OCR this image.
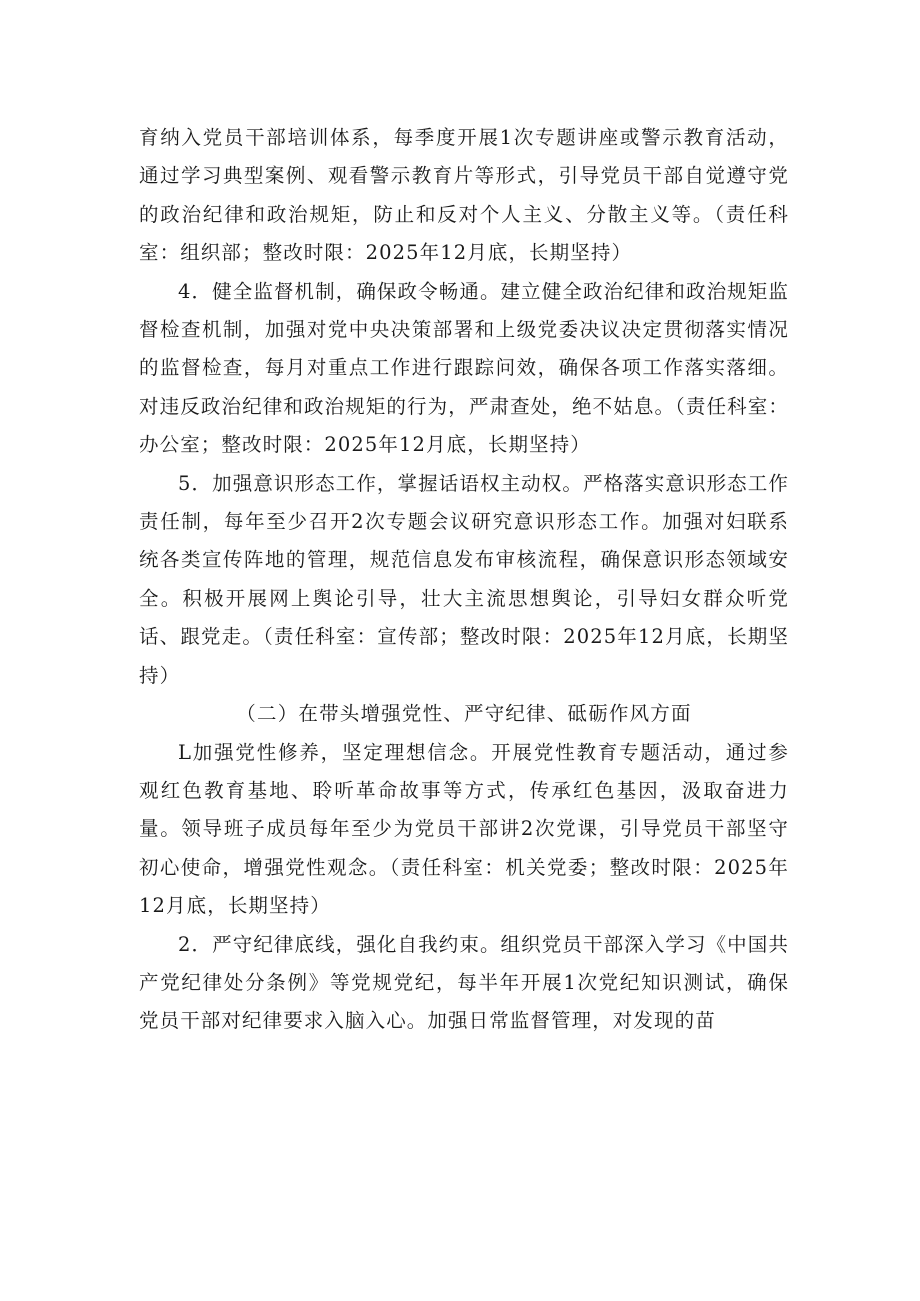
育纳入党员干部培训体系，每季度开展1次专题讲座或警示教育活动，通过学习典型案例、观看警示教育片等形式，引导党员干部自觉遵守党的政治纪律和政治规矩，防止和反对个人主义、分散主义等。（责任科室：组织部；整改时限：2025年12月底，长期坚持）

4．健全监督机制，确保政令畅通。建立健全政治纪律和政治规矩监督检查机制，加强对党中央决策部署和上级党委决议决定贯彻落实情况的监督检查，每月对重点工作进行跟踪问效，确保各项工作落实落细。对违反政治纪律和政治规矩的行为，严肃查处，绝不姑息。（责任科室：办公室；整改时限：2025年12月底，长期坚持）

5．加强意识形态工作，掌握话语权主动权。严格落实意识形态工作责任制，每年至少召开2次专题会议研究意识形态工作。加强对妇联系统各类宣传阵地的管理，规范信息发布审核流程，确保意识形态领域安全。积极开展网上舆论引导，壮大主流思想舆论，引导妇女群众听党话、跟党走。（责任科室：宣传部；整改时限：2025年12月底，长期坚持）

（二）在带头增强党性、严守纪律、砥砺作风方面

L加强党性修养，坚定理想信念。开展党性教育专题活动，通过参观红色教育基地、聆听革命故事等方式，传承红色基因，汲取奋进力量。领导班子成员每年至少为党员干部讲2次党课，引导党员干部坚守初心使命，增强党性观念。（责任科室：机关党委；整改时限：2025年12月底，长期坚持）

2．严守纪律底线，强化自我约束。组织党员干部深入学习《中国共产党纪律处分条例》等党规党纪，每半年开展1次党纪知识测试，确保党员干部对纪律要求入脑入心。加强日常监督管理，对发现的苗
